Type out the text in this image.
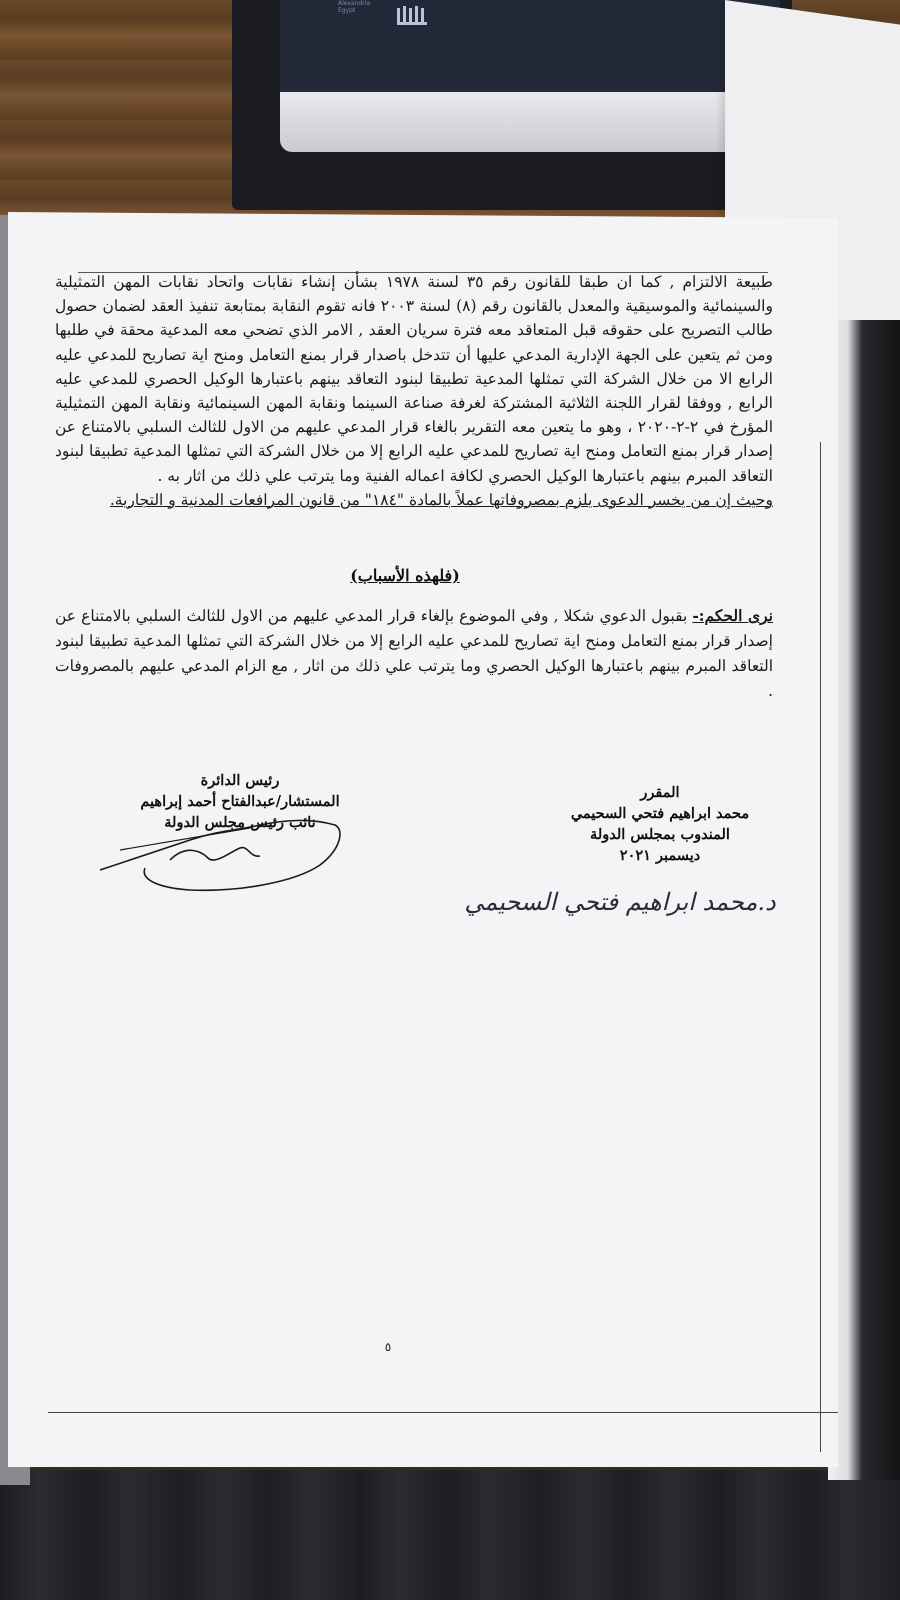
Alexandria Egypt

طبيعة الالتزام , كما ان طبقا للقانون رقم ٣٥ لسنة ١٩٧٨ بشأن إنشاء نقابات واتحاد نقابات المهن التمثيلية والسينمائية والموسيقية والمعدل بالقانون رقم (٨) لسنة ٢٠٠٣ فانه تقوم النقابة بمتابعة تنفيذ العقد لضمان حصول طالب التصريح على حقوقه قبل المتعاقد معه فترة سريان العقد , الامر الذي تضحي معه المدعية محقة في طلبها ومن ثم يتعين على الجهة الإدارية المدعي عليها أن تتدخل باصدار قرار بمنع التعامل ومنح اية تصاريح للمدعي عليه الرابع الا من خلال الشركة التي تمثلها المدعية تطبيقا لبنود التعاقد بينهم باعتبارها الوكيل الحصري للمدعي عليه الرابع , ووفقا لقرار اللجنة الثلاثية المشتركة لغرفة صناعة السينما ونقابة المهن السينمائية ونقابة المهن التمثيلية المؤرخ في ٢-٢-٢٠٢٠ ، وهو ما يتعين معه التقرير بالغاء قرار المدعي عليهم من الاول للثالث السلبي بالامتناع عن إصدار قرار بمنع التعامل ومنح اية تصاريح للمدعي عليه الرابع إلا من خلال الشركة التي تمثلها المدعية تطبيقا لبنود التعاقد المبرم بينهم باعتبارها الوكيل الحصري لكافة اعماله الفنية وما يترتب علي ذلك من اثار به .

وحيث إن من يخسر الدعوى يلزم بمصروفاتها عملاً بالمادة "١٨٤" من قانون المرافعات المدنية و التجارية.

(فلهذه الأسباب)
نرى الحكم:- بقبول الدعوي شكلا , وفي الموضوع بإلغاء قرار المدعي عليهم من الاول للثالث السلبي بالامتناع عن إصدار قرار بمنع التعامل ومنح اية تصاريح للمدعي عليه الرابع إلا من خلال الشركة التي تمثلها المدعية تطبيقا لبنود التعاقد المبرم بينهم باعتبارها الوكيل الحصري وما يترتب علي ذلك من اثار , مع الزام المدعي عليهم بالمصروفات .
المقرر
محمد ابراهيم فتحي السحيمي
المندوب بمجلس الدولة
ديسمبر ٢٠٢١
رئيس الدائرة
المستشار/عبدالفتاح أحمد إبراهيم
نائب رئيس مجلس الدولة
د.محمد ابراهيم فتحي السحيمي
٥
